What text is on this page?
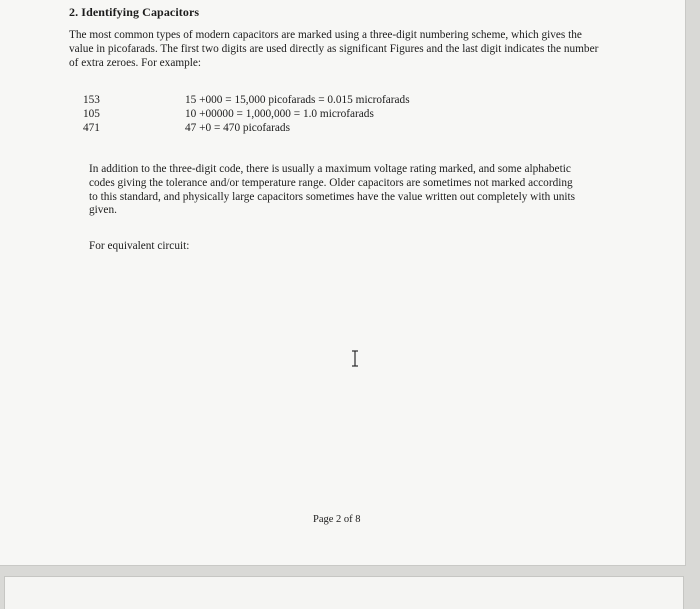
2. Identifying Capacitors

The most common types of modern capacitors are marked using a three-digit numbering scheme, which gives the value in picofarads. The first two digits are used directly as significant Figures and the last digit indicates the number of extra zeroes. For example:

153	15 +000 = 15,000 picofarads = 0.015 microfarads
105	10 +00000 = 1,000,000 = 1.0 microfarads
471	47 +0 = 470 picofarads

In addition to the three-digit code, there is usually a maximum voltage rating marked, and some alphabetic codes giving the tolerance and/or temperature range. Older capacitors are sometimes not marked according to this standard, and physically large capacitors sometimes have the value written out completely with units given.

For equivalent circuit:
Page 2 of 8
